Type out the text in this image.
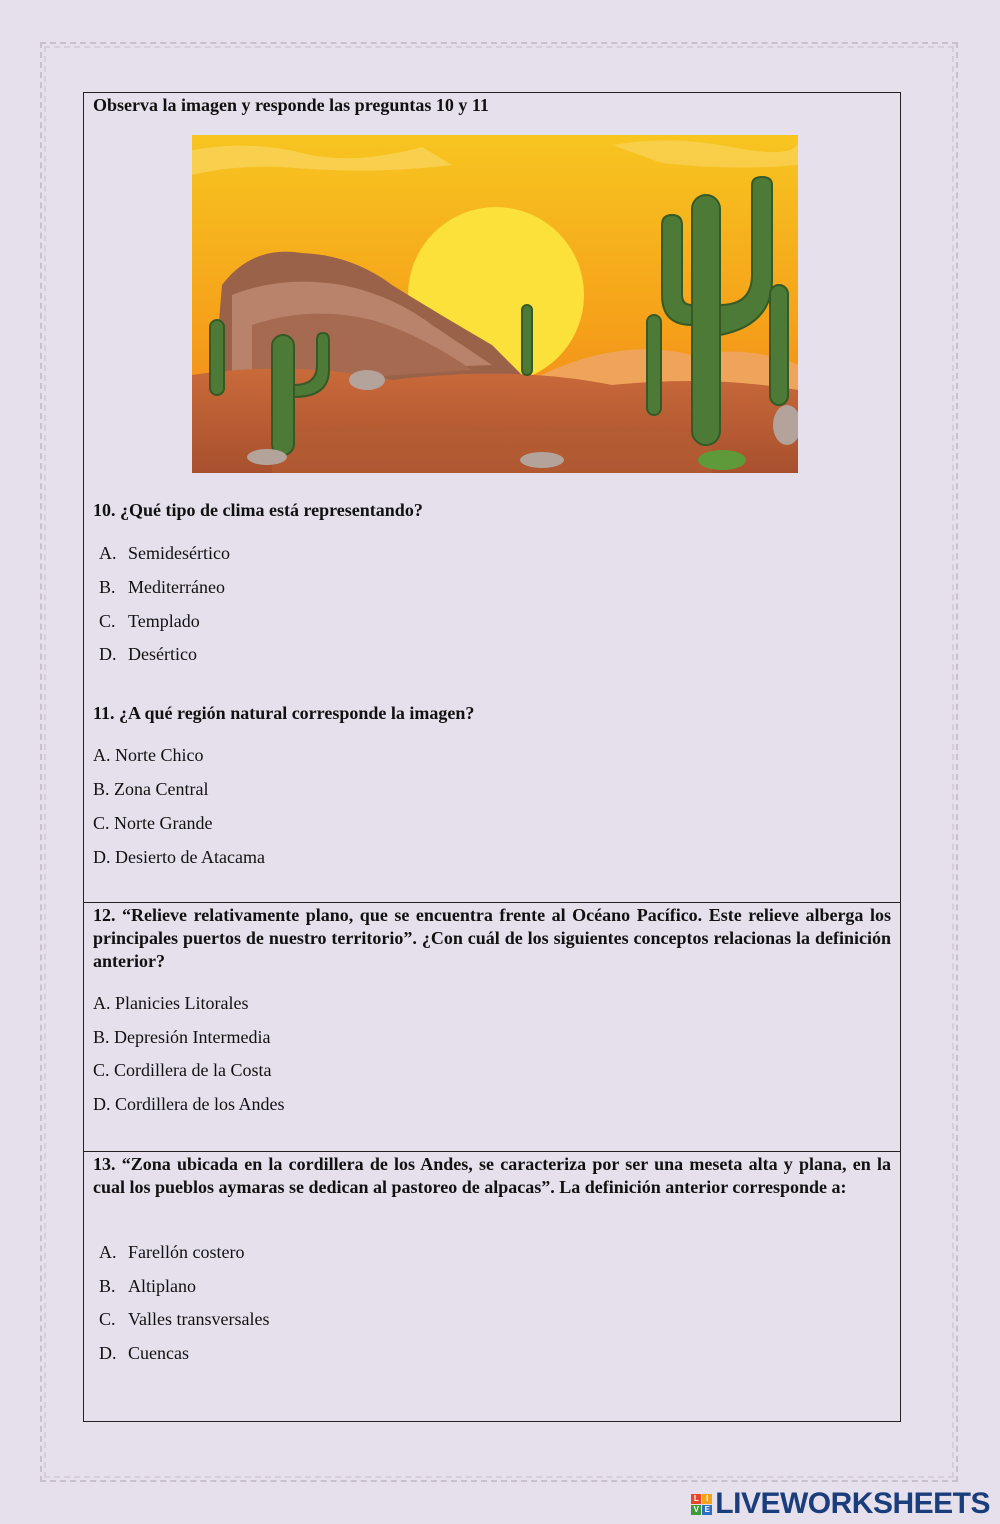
Observa la imagen y responde las preguntas 10 y 11
10. ¿Qué tipo de clima está representando?
A. Semidesértico
B. Mediterráneo
C. Templado
D. Desértico
11. ¿A qué región natural corresponde la imagen?
A. Norte Chico
B. Zona Central
C. Norte Grande
D. Desierto de Atacama
12. “Relieve relativamente plano, que se encuentra frente al Océano Pacífico. Este relieve alberga los principales puertos de nuestro territorio”. ¿Con cuál de los siguientes conceptos relacionas la definición anterior?
A. Planicies Litorales
B. Depresión Intermedia
C. Cordillera de la Costa
D. Cordillera de los Andes
13. “Zona ubicada en la cordillera de los Andes, se caracteriza por ser una meseta alta y plana, en la cual los pueblos aymaras se dedican al pastoreo de alpacas”. La definición anterior corresponde a:
A. Farellón costero
B. Altiplano
C. Valles transversales
D. Cuencas
L I
V E LIVEWORKSHEETS
